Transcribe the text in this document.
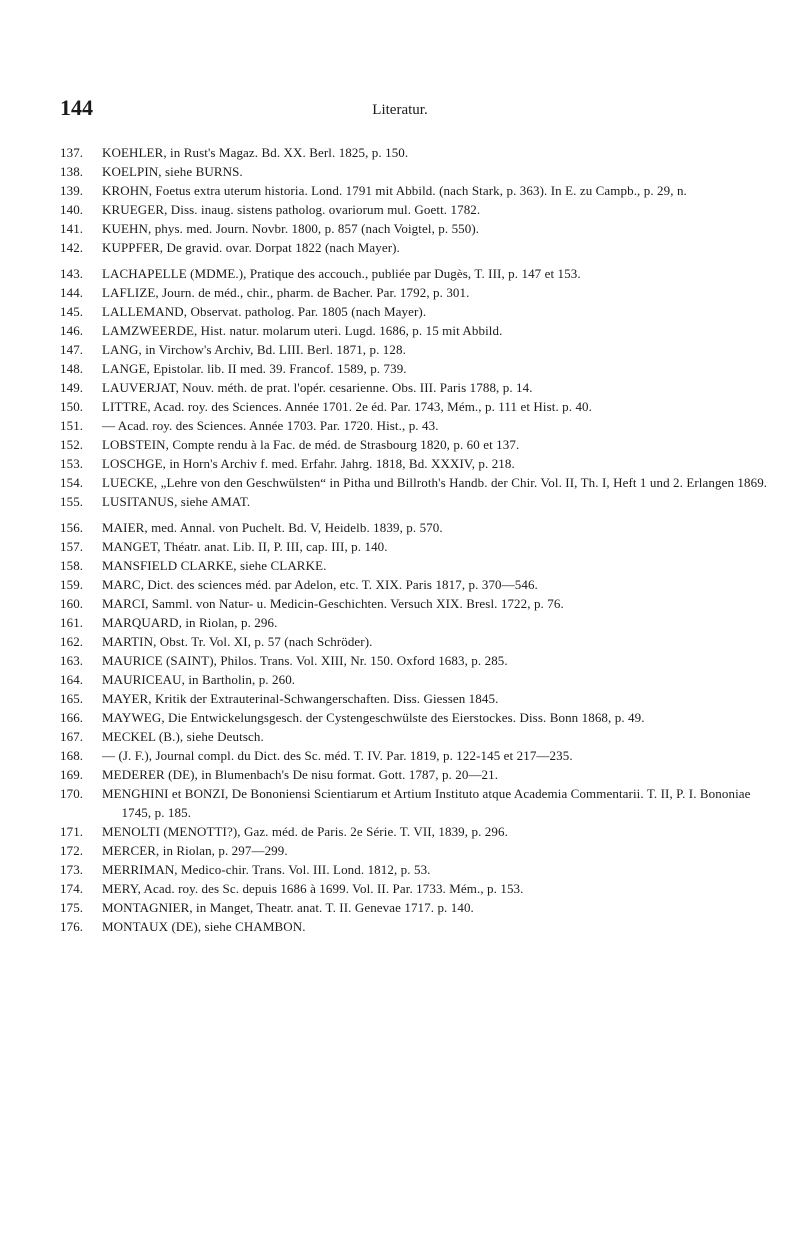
144	Literatur.
137.	KOEHLER, in Rust's Magaz. Bd. XX. Berl. 1825, p. 150.
138.	KOELPIN, siehe BURNS.
139.	KROHN, Foetus extra uterum historia. Lond. 1791 mit Abbild. (nach Stark, p. 363). In E. zu Campb., p. 29, n.
140.	KRUEGER, Diss. inaug. sistens patholog. ovariorum mul. Goett. 1782.
141.	KUEHN, phys. med. Journ. Novbr. 1800, p. 857 (nach Voigtel, p. 550).
142.	KUPPFER, De gravid. ovar. Dorpat 1822 (nach Mayer).
143.	LACHAPELLE (MDME.), Pratique des accouch., publiée par Dugès, T. III, p. 147 et 153.
144.	LAFLIZE, Journ. de méd., chir., pharm. de Bacher. Par. 1792, p. 301.
145.	LALLEMAND, Observat. patholog. Par. 1805 (nach Mayer).
146.	LAMZWEERDE, Hist. natur. molarum uteri. Lugd. 1686, p. 15 mit Abbild.
147.	LANG, in Virchow's Archiv, Bd. LIII. Berl. 1871, p. 128.
148.	LANGE, Epistolar. lib. II med. 39. Francof. 1589, p. 739.
149.	LAUVERJAT, Nouv. méth. de prat. l'opér. cesarienne. Obs. III. Paris 1788, p. 14.
150.	LITTRE, Acad. roy. des Sciences. Année 1701. 2e éd. Par. 1743, Mém., p. 111 et Hist. p. 40.
151.	— Acad. roy. des Sciences. Année 1703. Par. 1720. Hist., p. 43.
152.	LOBSTEIN, Compte rendu à la Fac. de méd. de Strasbourg 1820, p. 60 et 137.
153.	LOSCHGE, in Horn's Archiv f. med. Erfahr. Jahrg. 1818, Bd. XXXIV, p. 218.
154.	LUECKE, „Lehre von den Geschwülsten“ in Pitha und Billroth's Handb. der Chir. Vol. II, Th. I, Heft 1 und 2. Erlangen 1869.
155.	LUSITANUS, siehe AMAT.
156.	MAIER, med. Annal. von Puchelt. Bd. V, Heidelb. 1839, p. 570.
157.	MANGET, Théatr. anat. Lib. II, P. III, cap. III, p. 140.
158.	MANSFIELD CLARKE, siehe CLARKE.
159.	MARC, Dict. des sciences méd. par Adelon, etc. T. XIX. Paris 1817, p. 370—546.
160.	MARCI, Samml. von Natur- u. Medicin-Geschichten. Versuch XIX. Bresl. 1722, p. 76.
161.	MARQUARD, in Riolan, p. 296.
162.	MARTIN, Obst. Tr. Vol. XI, p. 57 (nach Schröder).
163.	MAURICE (SAINT), Philos. Trans. Vol. XIII, Nr. 150. Oxford 1683, p. 285.
164.	MAURICEAU, in Bartholin, p. 260.
165.	MAYER, Kritik der Extrauterinal-Schwangerschaften. Diss. Giessen 1845.
166.	MAYWEG, Die Entwickelungsgesch. der Cystengeschwülste des Eierstockes. Diss. Bonn 1868, p. 49.
167.	MECKEL (B.), siehe Deutsch.
168.	— (J. F.), Journal compl. du Dict. des Sc. méd. T. IV. Par. 1819, p. 122-145 et 217—235.
169.	MEDERER (DE), in Blumenbach's De nisu format. Gott. 1787, p. 20—21.
170.	MENGHINI et BONZI, De Bononiensi Scientiarum et Artium Instituto atque Academia Commentarii. T. II, P. I. Bononiae 1745, p. 185.
171.	MENOLTI (MENOTTI?), Gaz. méd. de Paris. 2e Série. T. VII, 1839, p. 296.
172.	MERCER, in Riolan, p. 297—299.
173.	MERRIMAN, Medico-chir. Trans. Vol. III. Lond. 1812, p. 53.
174.	MERY, Acad. roy. des Sc. depuis 1686 à 1699. Vol. II. Par. 1733. Mém., p. 153.
175.	MONTAGNIER, in Manget, Theatr. anat. T. II. Genevae 1717. p. 140.
176.	MONTAUX (DE), siehe CHAMBON.
